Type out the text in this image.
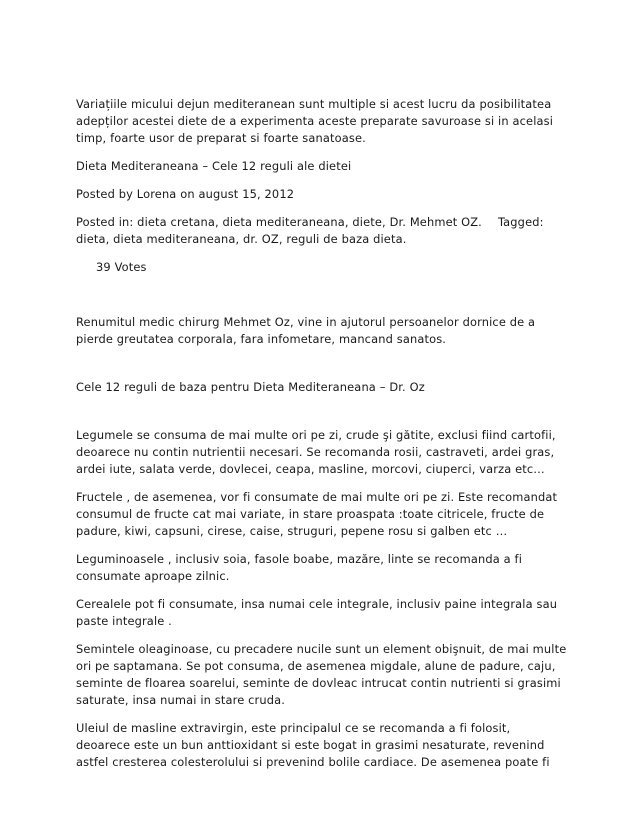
Variațiile micului dejun mediteranean sunt multiple si acest lucru da posibilitatea adepților acestei diete de a experimenta aceste preparate savuroase si in acelasi timp, foarte usor de preparat si foarte sanatoase.

Dieta Mediteraneana – Cele 12 reguli ale dietei

Posted by Lorena on august 15, 2012

Posted in: dieta cretana, dieta mediteraneana, diete, Dr. Mehmet OZ. Tagged: dieta, dieta mediteraneana, dr. OZ, reguli de baza dieta.

39 Votes

Renumitul medic chirurg Mehmet Oz, vine in ajutorul persoanelor dornice de a pierde greutatea corporala, fara infometare, mancand sanatos.

Cele 12 reguli de baza pentru Dieta Mediteraneana – Dr. Oz

Legumele se consuma de mai multe ori pe zi, crude şi gătite, exclusi fiind cartofii, deoarece nu contin nutrientii necesari. Se recomanda rosii, castraveti, ardei gras, ardei iute, salata verde, dovlecei, ceapa, masline, morcovi, ciuperci, varza etc…

Fructele , de asemenea, vor fi consumate de mai multe ori pe zi. Este recomandat consumul de fructe cat mai variate, in stare proaspata :toate citricele, fructe de padure, kiwi, capsuni, cirese, caise, struguri, pepene rosu si galben etc …

Leguminoasele , inclusiv soia, fasole boabe, mazăre, linte se recomanda a fi consumate aproape zilnic.

Cerealele pot fi consumate, insa numai cele integrale, inclusiv paine integrala sau paste integrale .

Semintele oleaginoase, cu precadere nucile sunt un element obişnuit, de mai multe ori pe saptamana. Se pot consuma, de asemenea migdale, alune de padure, caju, seminte de floarea soarelui, seminte de dovleac intrucat contin nutrienti si grasimi saturate, insa numai in stare cruda.

Uleiul de masline extravirgin, este principalul ce se recomanda a fi folosit, deoarece este un bun anttioxidant si este bogat in grasimi nesaturate, revenind astfel cresterea colesterolului si prevenind bolile cardiace. De asemenea poate fi
